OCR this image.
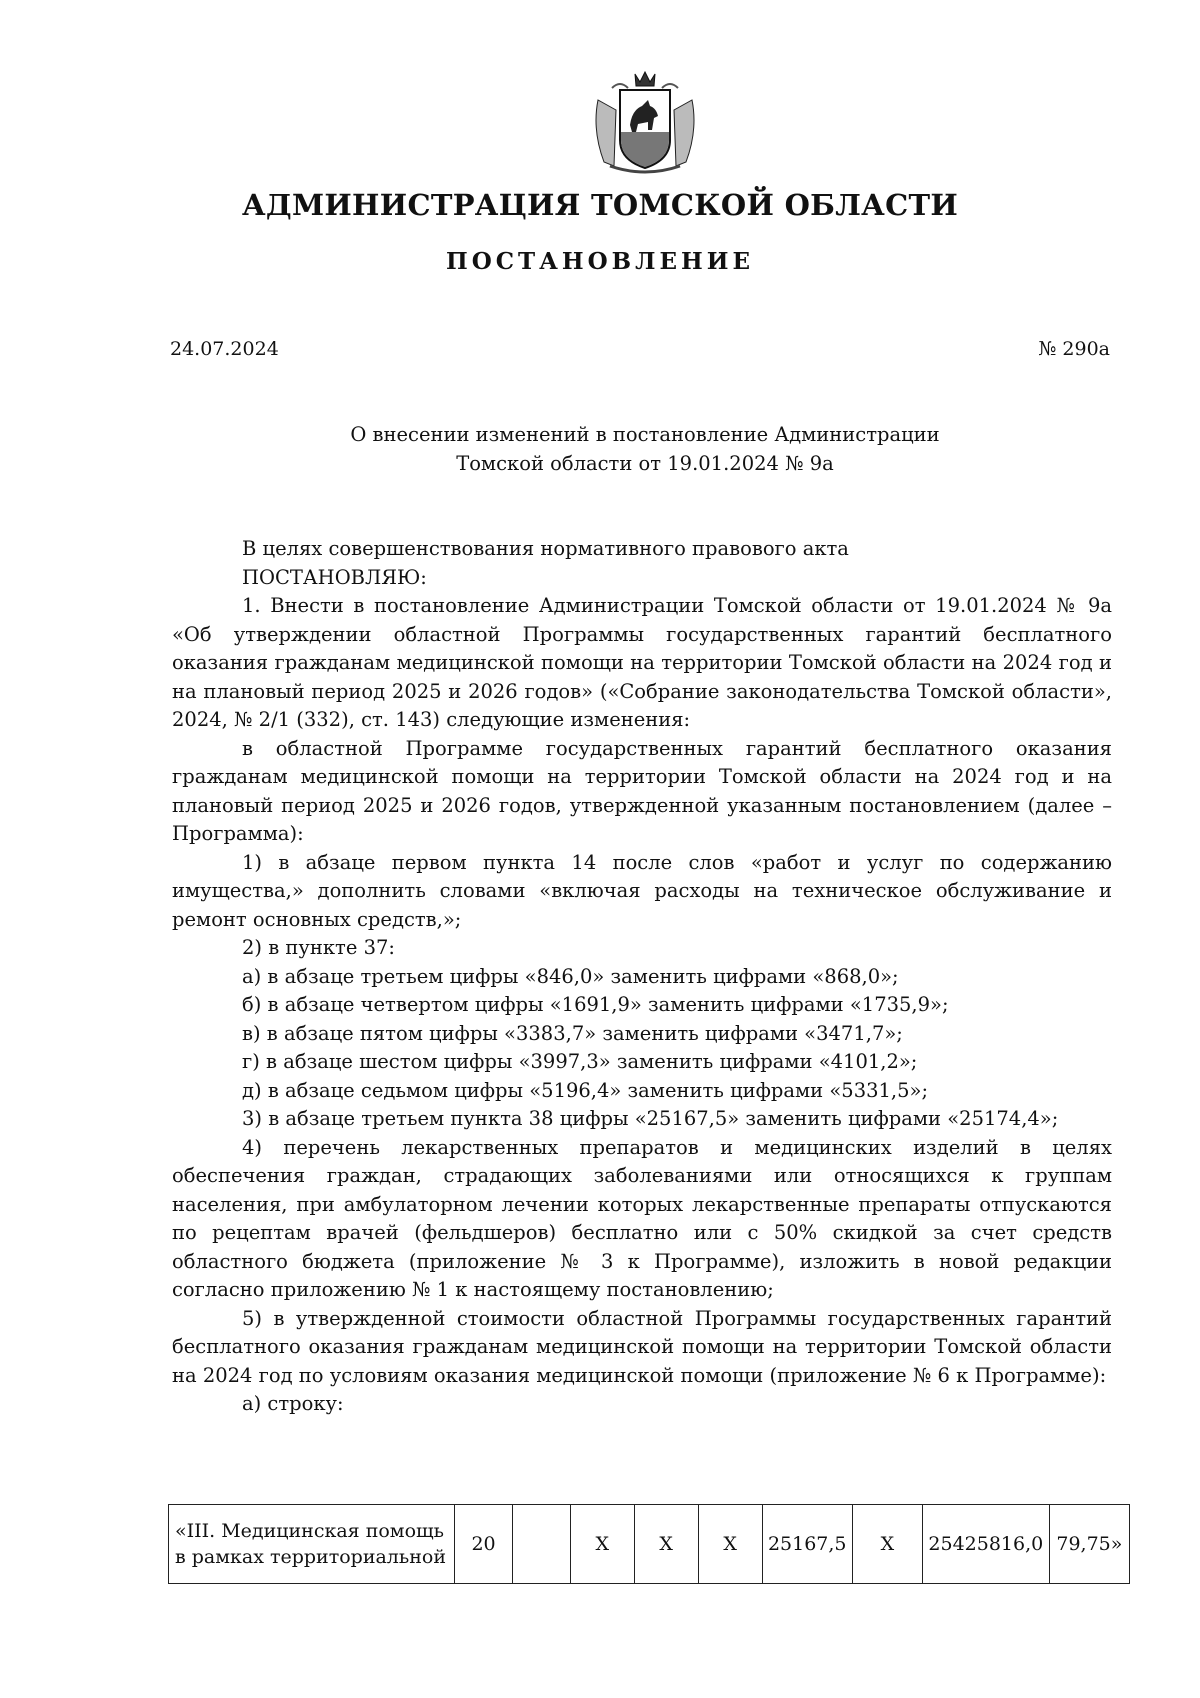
АДМИНИСТРАЦИЯ ТОМСКОЙ ОБЛАСТИ
ПОСТАНОВЛЕНИЕ
24.07.2024	№ 290а
О внесении изменений в постановление Администрации
Томской области от 19.01.2024 № 9а

В целях совершенствования нормативного правового акта

ПОСТАНОВЛЯЮ:

1. Внести в постановление Администрации Томской области от 19.01.2024 № 9а «Об утверждении областной Программы государственных гарантий бесплатного оказания гражданам медицинской помощи на территории Томской области на 2024 год и на плановый период 2025 и 2026 годов» («Собрание законодательства Томской области», 2024, № 2/1 (332), ст. 143) следующие изменения:

в областной Программе государственных гарантий бесплатного оказания гражданам медицинской помощи на территории Томской области на 2024 год и на плановый период 2025 и 2026 годов, утвержденной указанным постановлением (далее – Программа):

1) в абзаце первом пункта 14 после слов «работ и услуг по содержанию имущества,» дополнить словами «включая расходы на техническое обслуживание и ремонт основных средств,»;

2) в пункте 37:

а) в абзаце третьем цифры «846,0» заменить цифрами «868,0»;

б) в абзаце четвертом цифры «1691,9» заменить цифрами «1735,9»;

в) в абзаце пятом цифры «3383,7» заменить цифрами «3471,7»;

г) в абзаце шестом цифры «3997,3» заменить цифрами «4101,2»;

д) в абзаце седьмом цифры «5196,4» заменить цифрами «5331,5»;

3) в абзаце третьем пункта 38 цифры «25167,5» заменить цифрами «25174,4»;

4) перечень лекарственных препаратов и медицинских изделий в целях обеспечения граждан, страдающих заболеваниями или относящихся к группам населения, при амбулаторном лечении которых лекарственные препараты отпускаются по рецептам врачей (фельдшеров) бесплатно или с 50% скидкой за счет средств областного бюджета (приложение № 3 к Программе), изложить в новой редакции согласно приложению № 1 к настоящему постановлению;

5) в утвержденной стоимости областной Программы государственных гарантий бесплатного оказания гражданам медицинской помощи на территории Томской области на 2024 год по условиям оказания медицинской помощи (приложение № 6 к Программе):

а) строку:

«III. Медицинская помощь в рамках территориальной	20		Х	Х	Х	25167,5	Х	25425816,0	79,75»
